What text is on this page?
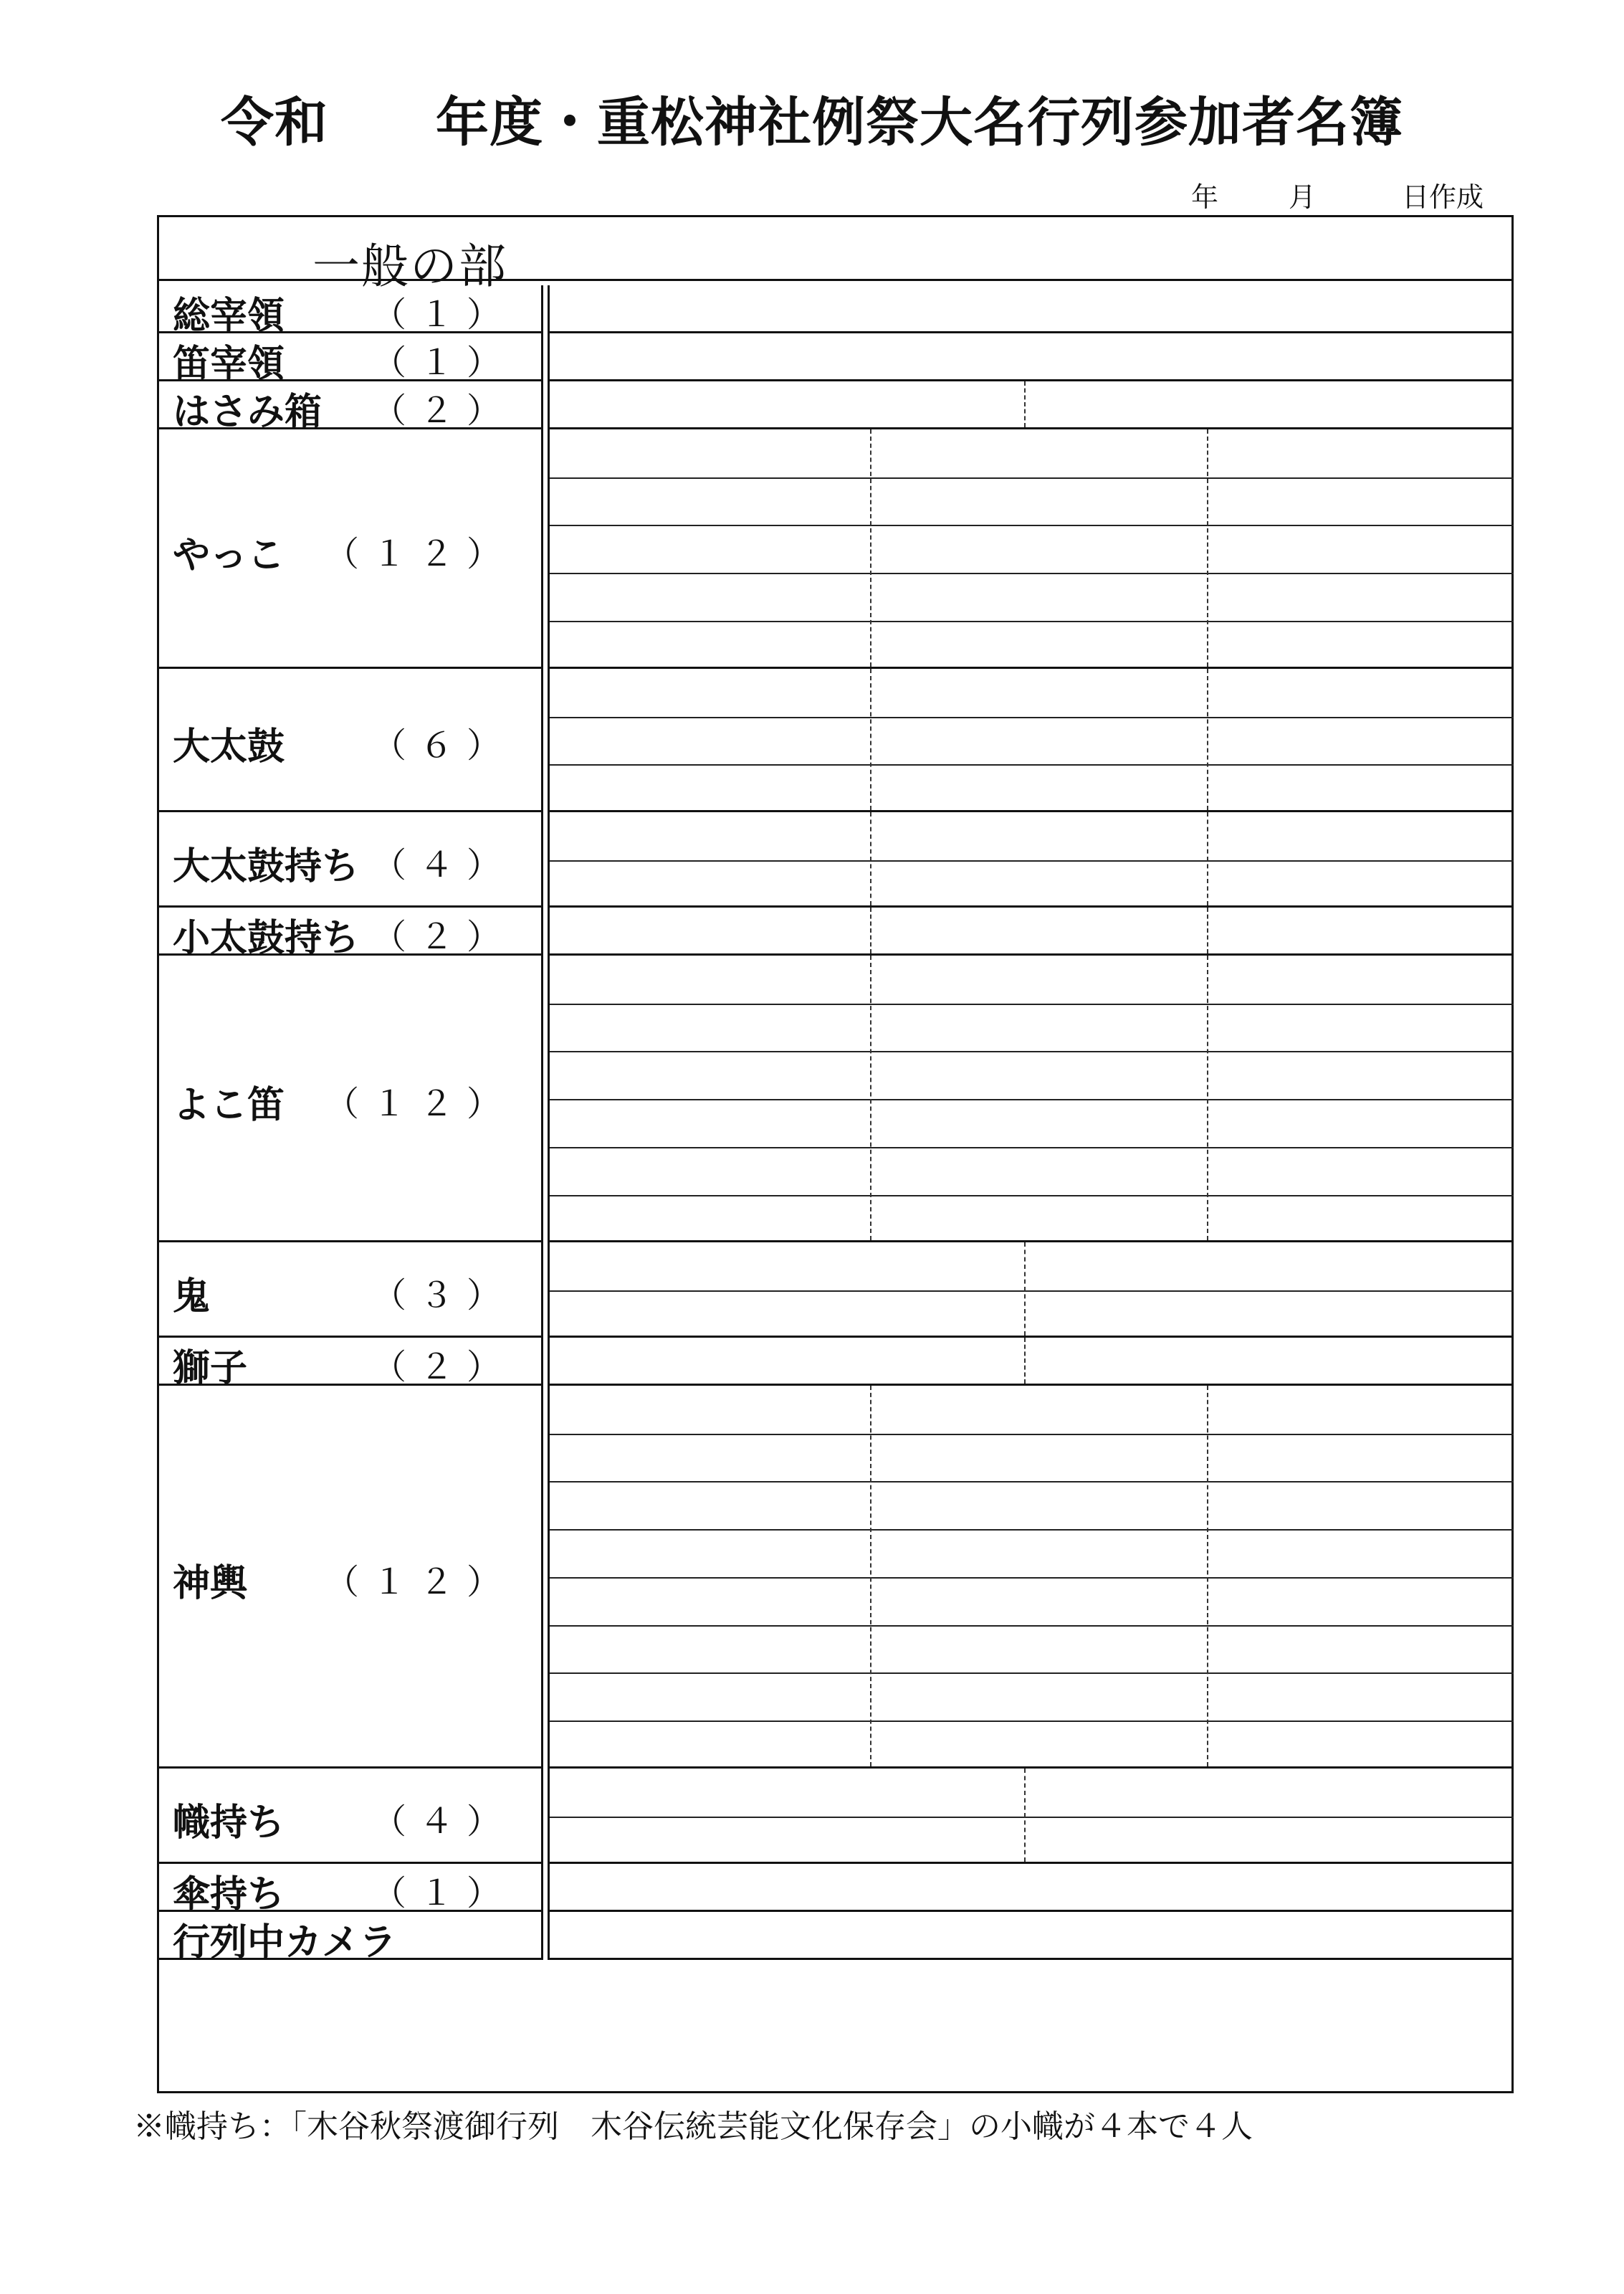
令和 年度・重松神社例祭大名行列参加者名簿
年	月	日作成
一般の部
総宰領	（１）
笛宰領	（１）
はさみ箱 （２）
やっこ （１２）
大太鼓	（６）
大太鼓持ち （４）
小太鼓持ち （２）
よこ笛 （１２）
鬼	（３）
獅子	（２）
神輿 （１２）
幟持ち	（４）
傘持ち	（１）
行列中カメラ
※幟持ち：「木谷秋祭渡御行列　木谷伝統芸能文化保存会」の小幟が４本で４人
